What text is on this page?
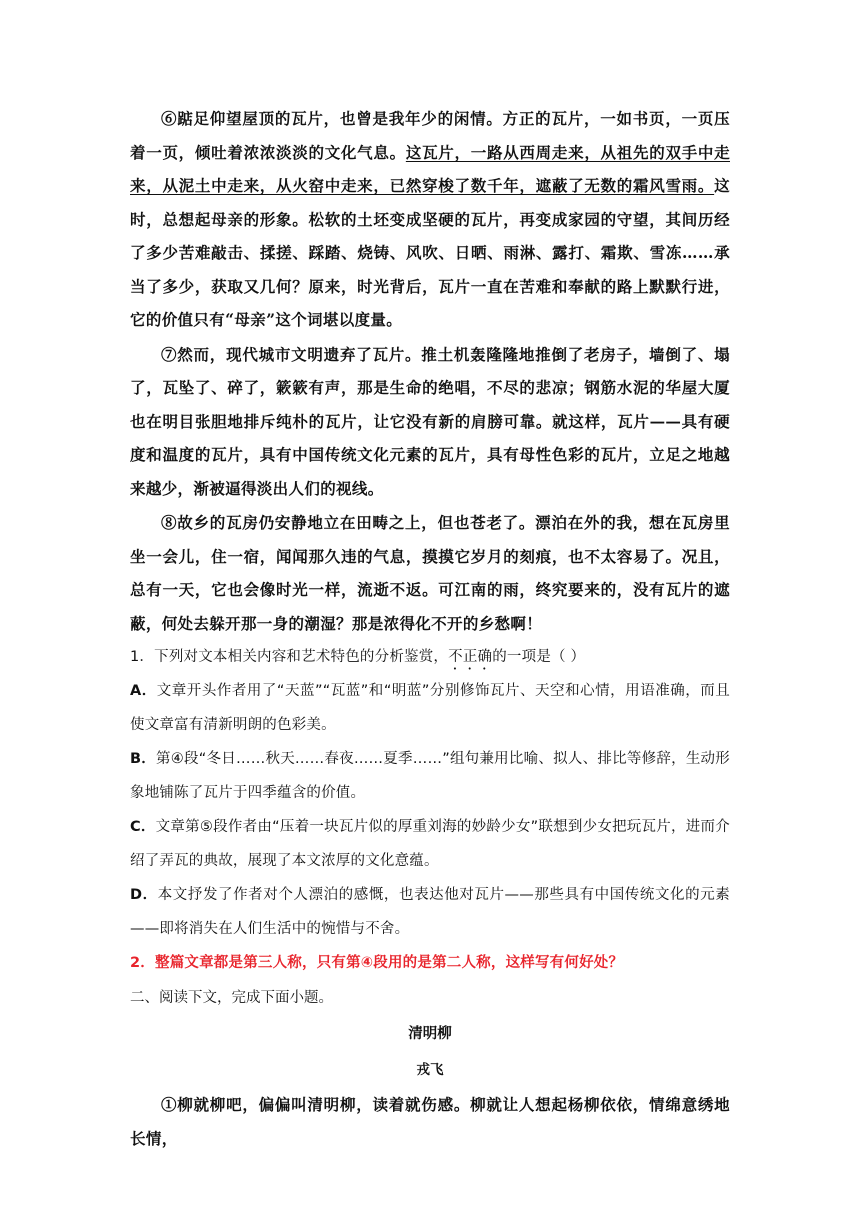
⑥踮足仰望屋顶的瓦片，也曾是我年少的闲情。方正的瓦片，一如书页，一页压着一页，倾吐着浓浓淡淡的文化气息。这瓦片，一路从西周走来，从祖先的双手中走来，从泥土中走来，从火窑中走来，已然穿梭了数千年，遮蔽了无数的霜风雪雨。这时，总想起母亲的形象。松软的土坯变成坚硬的瓦片，再变成家园的守望，其间历经了多少苦难敲击、揉搓、踩踏、烧铸、风吹、日晒、雨淋、露打、霜欺、雪冻……承当了多少，获取又几何？原来，时光背后，瓦片一直在苦难和奉献的路上默默行进，它的价值只有“母亲”这个词堪以度量。

⑦然而，现代城市文明遗弃了瓦片。推土机轰隆隆地推倒了老房子，墙倒了、塌了，瓦坠了、碎了，簌簌有声，那是生命的绝唱，不尽的悲凉；钢筋水泥的华屋大厦也在明目张胆地排斥纯朴的瓦片，让它没有新的肩膀可靠。就这样，瓦片——具有硬度和温度的瓦片，具有中国传统文化元素的瓦片，具有母性色彩的瓦片，立足之地越来越少，渐被逼得淡出人们的视线。

⑧故乡的瓦房仍安静地立在田畴之上，但也苍老了。漂泊在外的我，想在瓦房里坐一会儿，住一宿，闻闻那久违的气息，摸摸它岁月的刻痕，也不太容易了。况且，总有一天，它也会像时光一样，流逝不返。可江南的雨，终究要来的，没有瓦片的遮蔽，何处去躲开那一身的潮湿？那是浓得化不开的乡愁啊！

1．下列对文本相关内容和艺术特色的分析鉴赏，不正确的一项是（ ）

A．文章开头作者用了“天蓝”“瓦蓝”和“明蓝”分别修饰瓦片、天空和心情，用语准确，而且使文章富有清新明朗的色彩美。

B．第④段“冬日……秋天……春夜……夏季……”组句兼用比喻、拟人、排比等修辞，生动形象地铺陈了瓦片于四季蕴含的价值。

C．文章第⑤段作者由“压着一块瓦片似的厚重刘海的妙龄少女”联想到少女把玩瓦片，进而介绍了弄瓦的典故，展现了本文浓厚的文化意蕴。

D．本文抒发了作者对个人漂泊的感慨，也表达他对瓦片——那些具有中国传统文化的元素——即将消失在人们生活中的惋惜与不舍。

2．整篇文章都是第三人称，只有第④段用的是第二人称，这样写有何好处？

二、阅读下文，完成下面小题。

清明柳

戎飞

①柳就柳吧，偏偏叫清明柳，读着就伤感。柳就让人想起杨柳依依，情绵意绣地长情，
